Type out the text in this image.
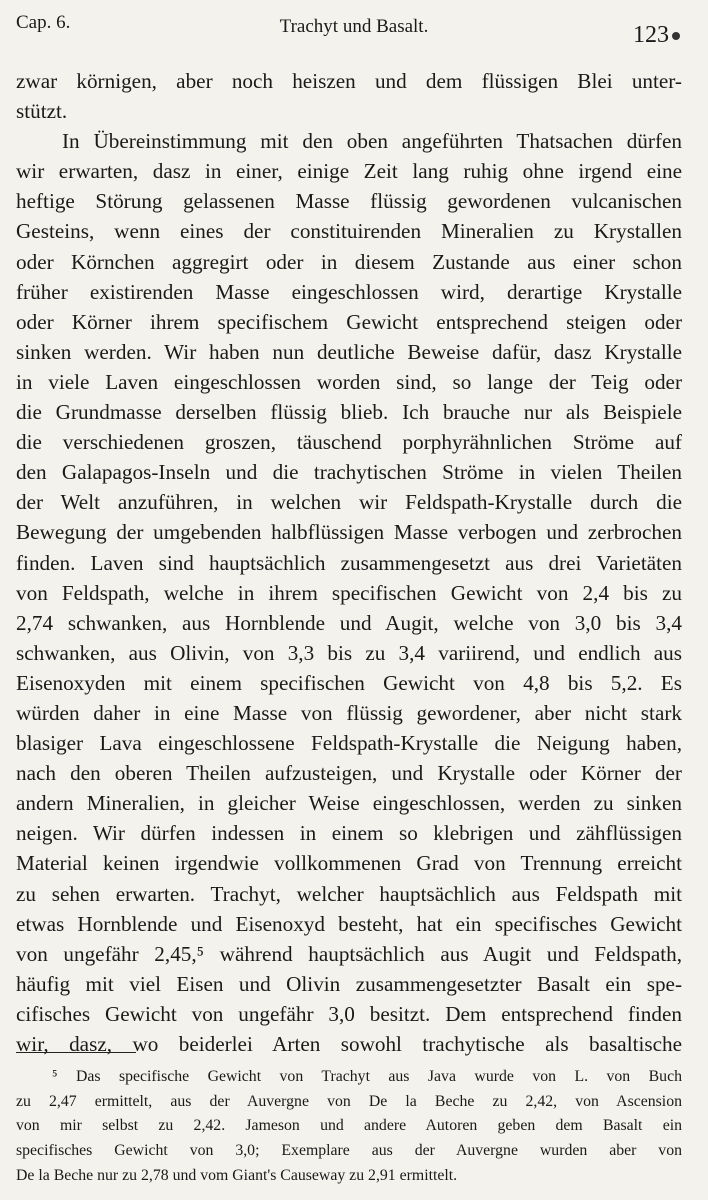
Cap. 6.	Trachyt und Basalt.	123
zwar körnigen, aber noch heiszen und dem flüssigen Blei unter-
stützt.
In Übereinstimmung mit den oben angeführten Thatsachen dürfen
wir erwarten, dasz in einer, einige Zeit lang ruhig ohne irgend eine
heftige Störung gelassenen Masse flüssig gewordenen vulcanischen
Gesteins, wenn eines der constituirenden Mineralien zu Krystallen
oder Körnchen aggregirt oder in diesem Zustande aus einer schon
früher existirenden Masse eingeschlossen wird, derartige Krystalle
oder Körner ihrem specifischem Gewicht entsprechend steigen oder
sinken werden. Wir haben nun deutliche Beweise dafür, dasz Krystalle
in viele Laven eingeschlossen worden sind, so lange der Teig oder
die Grundmasse derselben flüssig blieb. Ich brauche nur als Beispiele
die verschiedenen groszen, täuschend porphyrähnlichen Ströme auf
den Galapagos-Inseln und die trachytischen Ströme in vielen Theilen
der Welt anzuführen, in welchen wir Feldspath-Krystalle durch die
Bewegung der umgebenden halbflüssigen Masse verbogen und zerbrochen
finden. Laven sind hauptsächlich zusammengesetzt aus drei Varietäten
von Feldspath, welche in ihrem specifischen Gewicht von 2,4 bis zu
2,74 schwanken, aus Hornblende und Augit, welche von 3,0 bis 3,4
schwanken, aus Olivin, von 3,3 bis zu 3,4 variirend, und endlich aus
Eisenoxyden mit einem specifischen Gewicht von 4,8 bis 5,2. Es
würden daher in eine Masse von flüssig gewordener, aber nicht stark
blasiger Lava eingeschlossene Feldspath-Krystalle die Neigung haben,
nach den oberen Theilen aufzusteigen, und Krystalle oder Körner der
andern Mineralien, in gleicher Weise eingeschlossen, werden zu sinken
neigen. Wir dürfen indessen in einem so klebrigen und zähflüssigen
Material keinen irgendwie vollkommenen Grad von Trennung erreicht
zu sehen erwarten. Trachyt, welcher hauptsächlich aus Feldspath mit
etwas Hornblende und Eisenoxyd besteht, hat ein specifisches Gewicht
von ungefähr 2,45,⁵ während hauptsächlich aus Augit und Feldspath,
häufig mit viel Eisen und Olivin zusammengesetzter Basalt ein spe-
cifisches Gewicht von ungefähr 3,0 besitzt. Dem entsprechend finden
wir, dasz, wo beiderlei Arten sowohl trachytische als basaltische
⁵ Das specifische Gewicht von Trachyt aus Java wurde von L. von Buch
zu 2,47 ermittelt, aus der Auvergne von De la Beche zu 2,42, von Ascension
von mir selbst zu 2,42. Jameson und andere Autoren geben dem Basalt ein
specifisches Gewicht von 3,0; Exemplare aus der Auvergne wurden aber von
De la Beche nur zu 2,78 und vom Giant's Causeway zu 2,91 ermittelt.
